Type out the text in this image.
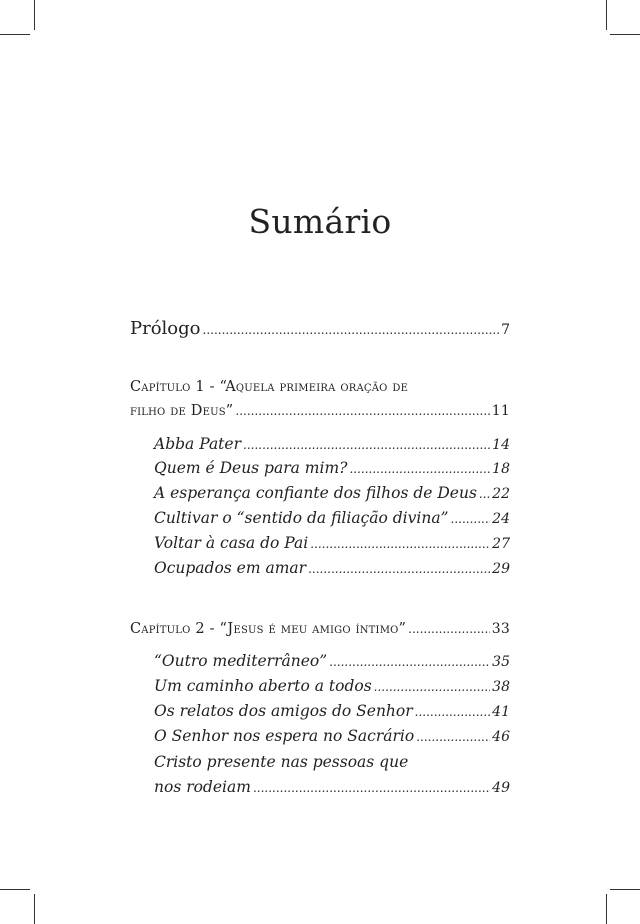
Sumário
Prólogo .....	7
Capítulo 1 - “Aquela primeira oração de
filho de Deus” .....	11
Abba Pater .....	14
Quem é Deus para mim? .....	18
A esperança confiante dos filhos de Deus ..... 22
Cultivar o “sentido da filiação divina” .....	24
Voltar à casa do Pai .....	27
Ocupados em amar .....	29
Capítulo 2 - “Jesus é meu amigo íntimo” .....	33
“Outro mediterrâneo” .....	35
Um caminho aberto a todos .....	38
Os relatos dos amigos do Senhor .....	41
O Senhor nos espera no Sacrário .....	46
Cristo presente nas pessoas que
nos rodeiam .....	49
